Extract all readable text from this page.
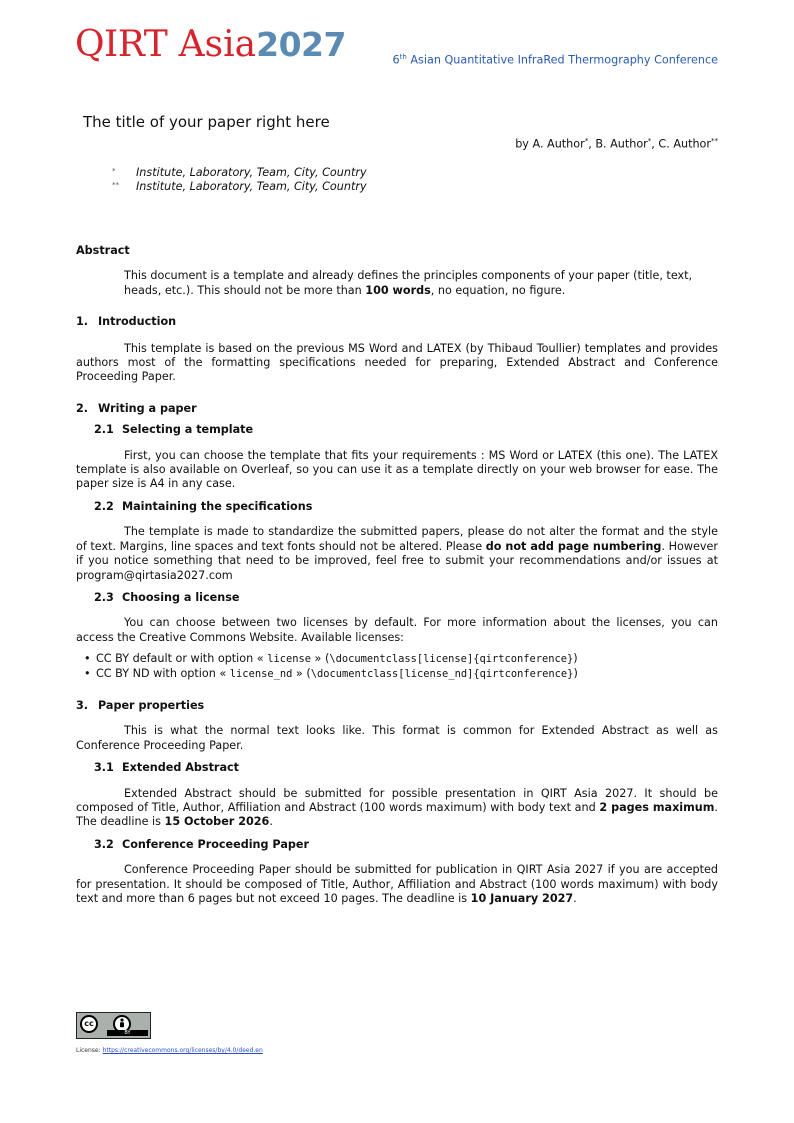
QIRT Asia2027	6th Asian Quantitative InfraRed Thermography Conference
The title of your paper right here
by A. Author*, B. Author*, C. Author**
*	Institute, Laboratory, Team, City, Country
**	Institute, Laboratory, Team, City, Country
Abstract

This document is a template and already defines the principles components of your paper (title, text, heads, etc.). This should not be more than 100 words, no equation, no figure.

1. Introduction

This template is based on the previous MS Word and LATEX (by Thibaud Toullier) templates and provides authors most of the formatting specifications needed for preparing, Extended Abstract and Conference Proceeding Paper.

2. Writing a paper
2.1 Selecting a template

First, you can choose the template that fits your requirements : MS Word or LATEX (this one). The LATEX template is also available on Overleaf, so you can use it as a template directly on your web browser for ease. The paper size is A4 in any case.

2.2 Maintaining the specifications

The template is made to standardize the submitted papers, please do not alter the format and the style of text. Margins, line spaces and text fonts should not be altered. Please do not add page numbering. However if you notice something that need to be improved, feel free to submit your recommendations and/or issues at program@qirtasia2027.com

2.3 Choosing a license

You can choose between two licenses by default. For more information about the licenses, you can access the Creative Commons Website. Available licenses:

• CC BY default or with option « license » (\documentclass[license]{qirtconference})
• CC BY ND with option « license_nd » (\documentclass[license_nd]{qirtconference})
3. Paper properties

This is what the normal text looks like. This format is common for Extended Abstract as well as Conference Proceeding Paper.

3.1 Extended Abstract

Extended Abstract should be submitted for possible presentation in QIRT Asia 2027. It should be composed of Title, Author, Affiliation and Abstract (100 words maximum) with body text and 2 pages maximum. The deadline is 15 October 2026.

3.2 Conference Proceeding Paper

Conference Proceeding Paper should be submitted for publication in QIRT Asia 2027 if you are accepted for presentation. It should be composed of Title, Author, Affiliation and Abstract (100 words maximum) with body text and more than 6 pages but not exceed 10 pages. The deadline is 10 January 2027.

cc
BY
License: https://creativecommons.org/licenses/by/4.0/deed.en
